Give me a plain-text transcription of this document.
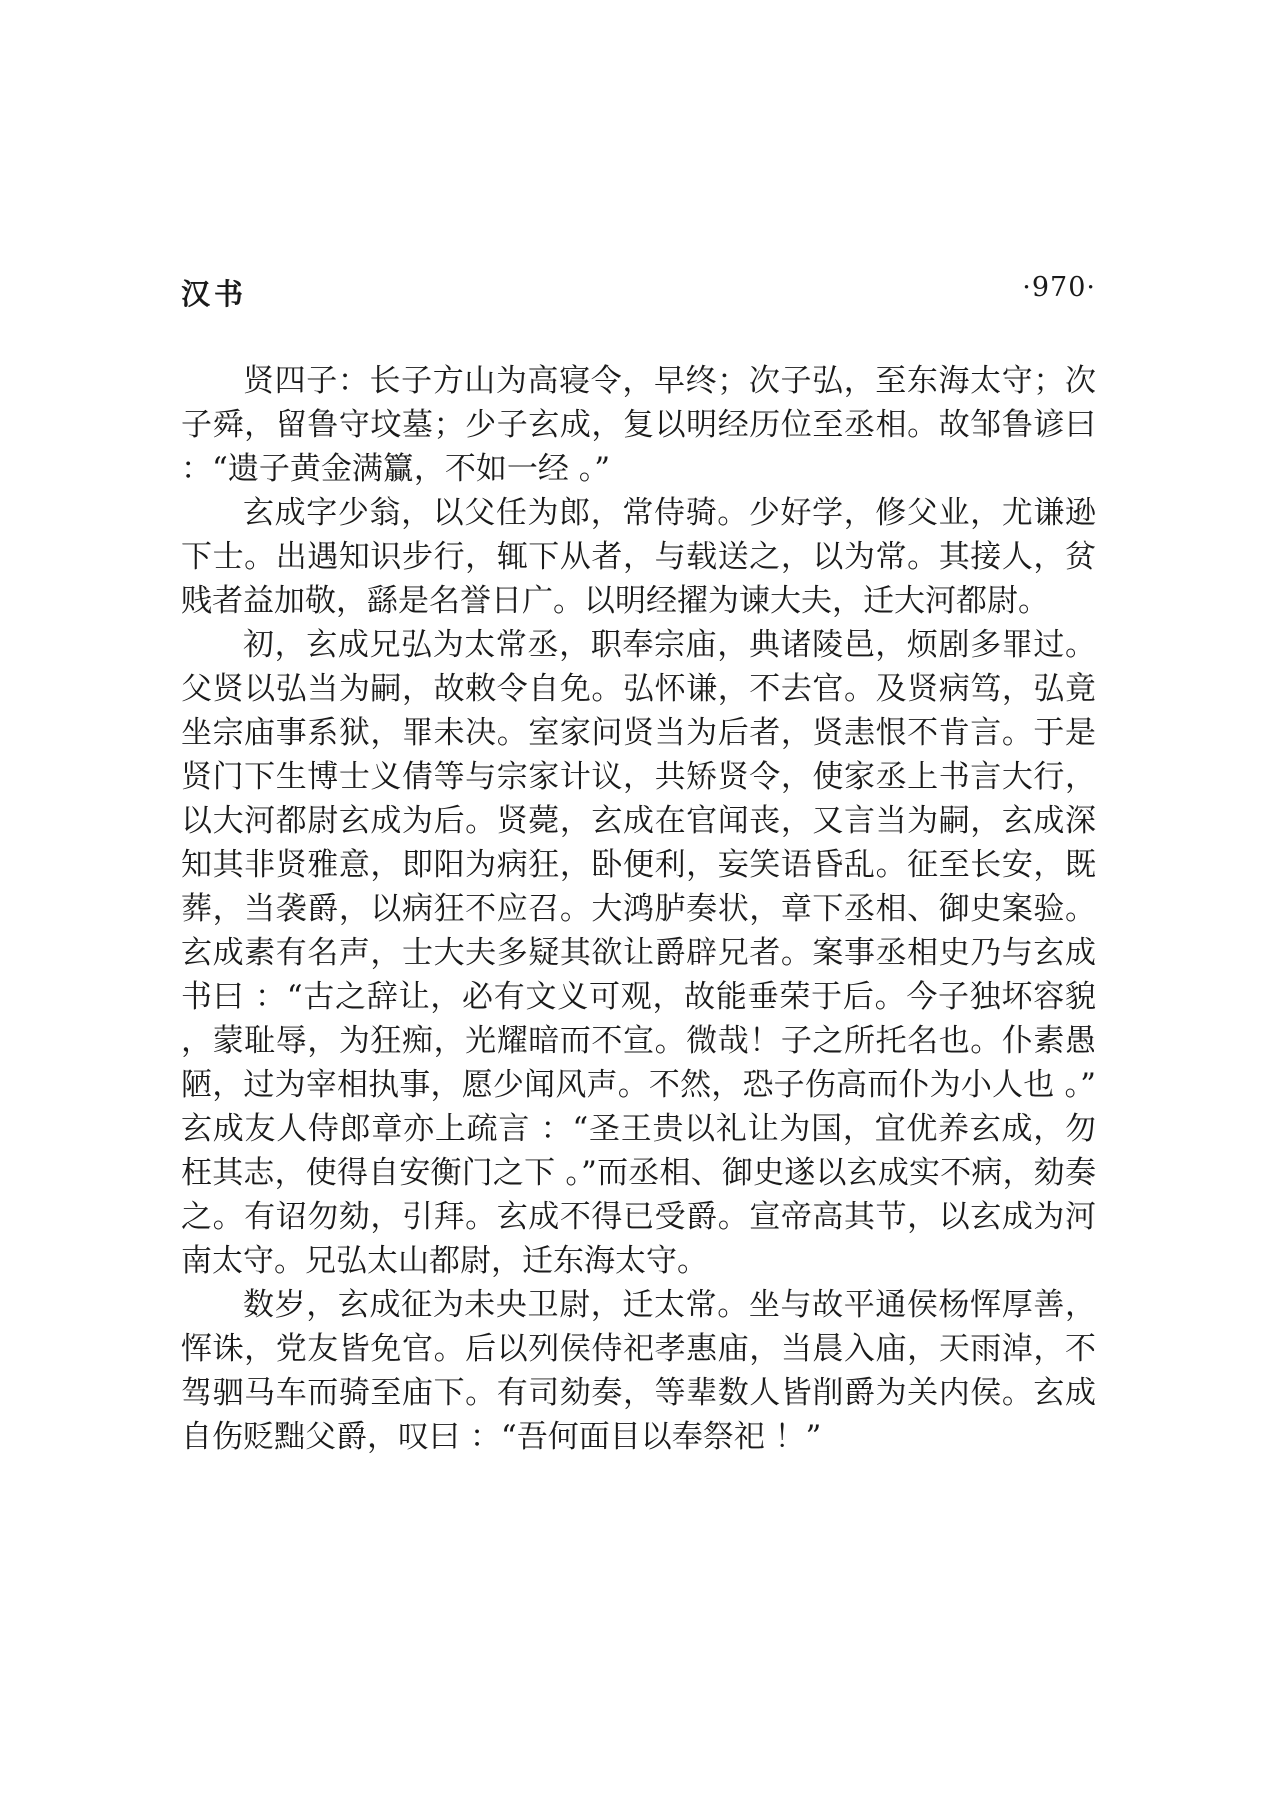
汉书	·970·

贤四子：长子方山为高寝令，早终；次子弘，至东海太守；次子舜，留鲁守坟墓；少子玄成，复以明经历位至丞相。故邹鲁谚曰 ：“遗子黄金满籯，不如一经 。”

玄成字少翁，以父任为郎，常侍骑。少好学，修父业，尤谦逊下士。出遇知识步行，辄下从者，与载送之，以为常。其接人，贫贱者益加敬，繇是名誉日广。以明经擢为谏大夫，迁大河都尉。

初，玄成兄弘为太常丞，职奉宗庙，典诸陵邑，烦剧多罪过。父贤以弘当为嗣，故敕令自免。弘怀谦，不去官。及贤病笃，弘竟坐宗庙事系狱，罪未决。室家问贤当为后者，贤恚恨不肯言。于是贤门下生博士义倩等与宗家计议，共矫贤令，使家丞上书言大行，以大河都尉玄成为后。贤薨，玄成在官闻丧，又言当为嗣，玄成深知其非贤雅意，即阳为病狂，卧便利，妄笑语昏乱。征至长安，既葬，当袭爵，以病狂不应召。大鸿胪奏状，章下丞相、御史案验。玄成素有名声，士大夫多疑其欲让爵辟兄者。案事丞相史乃与玄成书曰 ：“古之辞让，必有文义可观，故能垂荣于后。今子独坏容貌，蒙耻辱，为狂痴，光耀暗而不宣。微哉！子之所托名也。仆素愚陋，过为宰相执事，愿少闻风声。不然，恐子伤高而仆为小人也 。”玄成友人侍郎章亦上疏言 ：“圣王贵以礼让为国，宜优养玄成，勿枉其志，使得自安衡门之下 。”而丞相、御史遂以玄成实不病，劾奏之。有诏勿劾，引拜。玄成不得已受爵。宣帝高其节，以玄成为河南太守。兄弘太山都尉，迁东海太守。

数岁，玄成征为未央卫尉，迁太常。坐与故平通侯杨恽厚善，恽诛，党友皆免官。后以列侯侍祀孝惠庙，当晨入庙，天雨淖，不驾驷马车而骑至庙下。有司劾奏，等辈数人皆削爵为关内侯。玄成自伤贬黜父爵，叹曰 ：“吾何面目以奉祭祀 ！”
